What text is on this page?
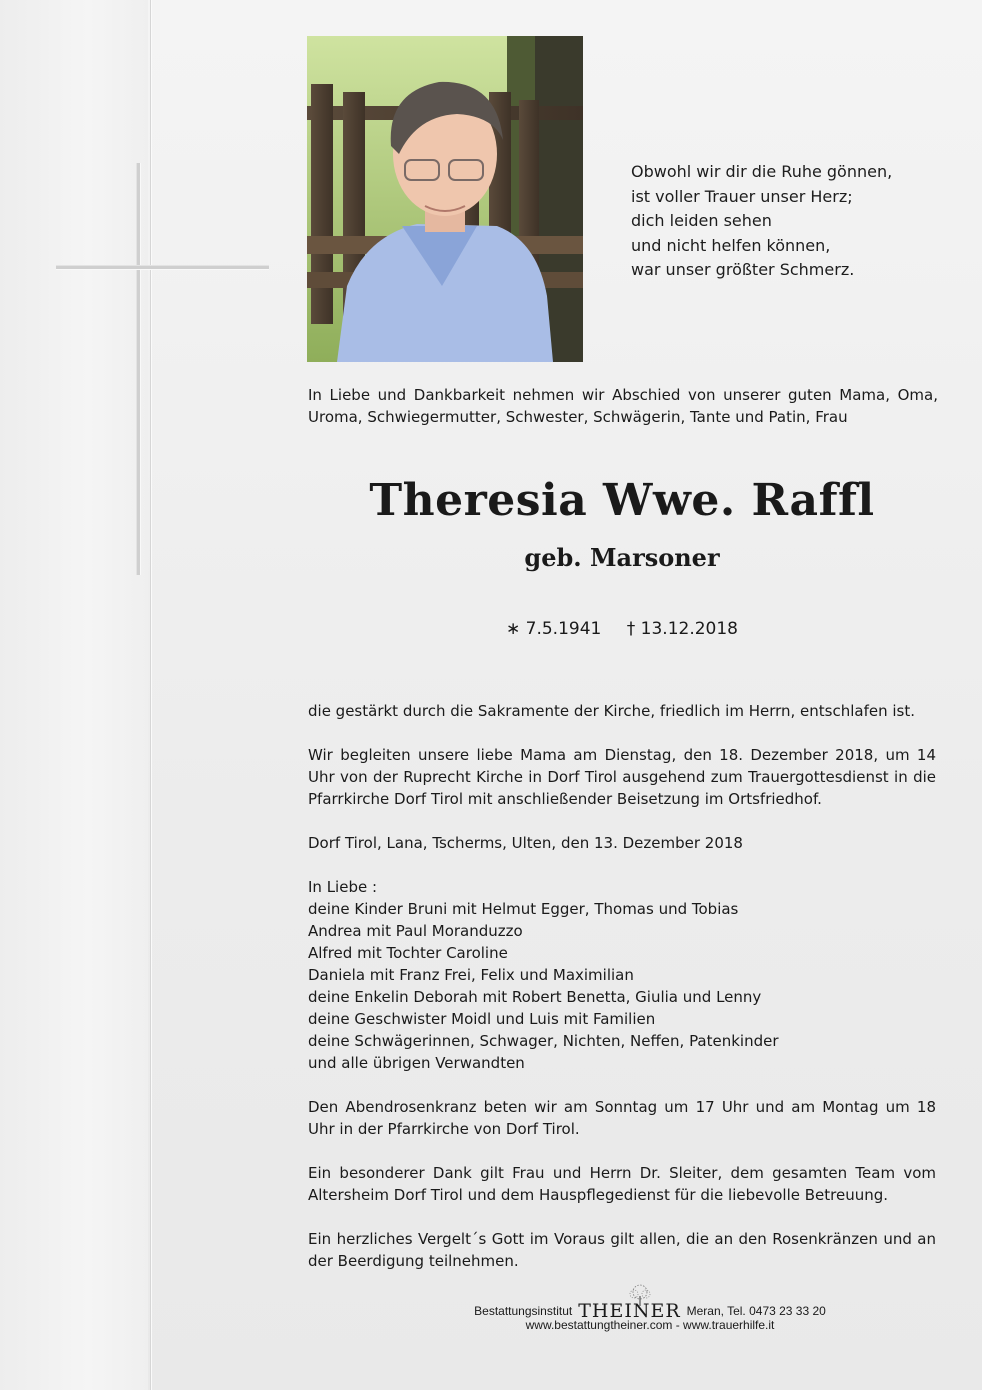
Obwohl wir dir die Ruhe gönnen,
ist voller Trauer unser Herz;
dich leiden sehen
und nicht helfen können,
war unser größter Schmerz.
In Liebe und Dankbarkeit nehmen wir Abschied von unserer guten Mama, Oma, Uroma, Schwiegermutter, Schwester, Schwägerin, Tante und Patin, Frau
Theresia Wwe. Raffl
geb. Marsoner
∗ 7.5.1941 † 13.12.2018

die gestärkt durch die Sakramente der Kirche, friedlich im Herrn, entschlafen ist.

Wir begleiten unsere liebe Mama am Dienstag, den 18. Dezember 2018, um 14 Uhr von der Ruprecht Kirche in Dorf Tirol ausgehend zum Trauergottesdienst in die Pfarrkirche Dorf Tirol mit anschließender Beisetzung im Ortsfriedhof.

Dorf Tirol, Lana, Tscherms, Ulten, den 13. Dezember 2018

In Liebe :
deine Kinder Bruni mit Helmut Egger, Thomas und Tobias
Andrea mit Paul Moranduzzo
Alfred mit Tochter Caroline
Daniela mit Franz Frei, Felix und Maximilian
deine Enkelin Deborah mit Robert Benetta, Giulia und Lenny
deine Geschwister Moidl und Luis mit Familien
deine Schwägerinnen, Schwager, Nichten, Neffen, Patenkinder
und alle übrigen Verwandten

Den Abendrosenkranz beten wir am Sonntag um 17 Uhr und am Montag um 18 Uhr in der Pfarrkirche von Dorf Tirol.

Ein besonderer Dank gilt Frau und Herrn Dr. Sleiter, dem gesamten Team vom Altersheim Dorf Tirol und dem Hauspflegedienst für die liebevolle Betreuung.

Ein herzliches Vergelt´s Gott im Voraus gilt allen, die an den Rosenkränzen und an der Beerdigung teilnehmen.

Bestattungsinstitut THEINER Meran, Tel. 0473 23 33 20
www.bestattungtheiner.com - www.trauerhilfe.it
